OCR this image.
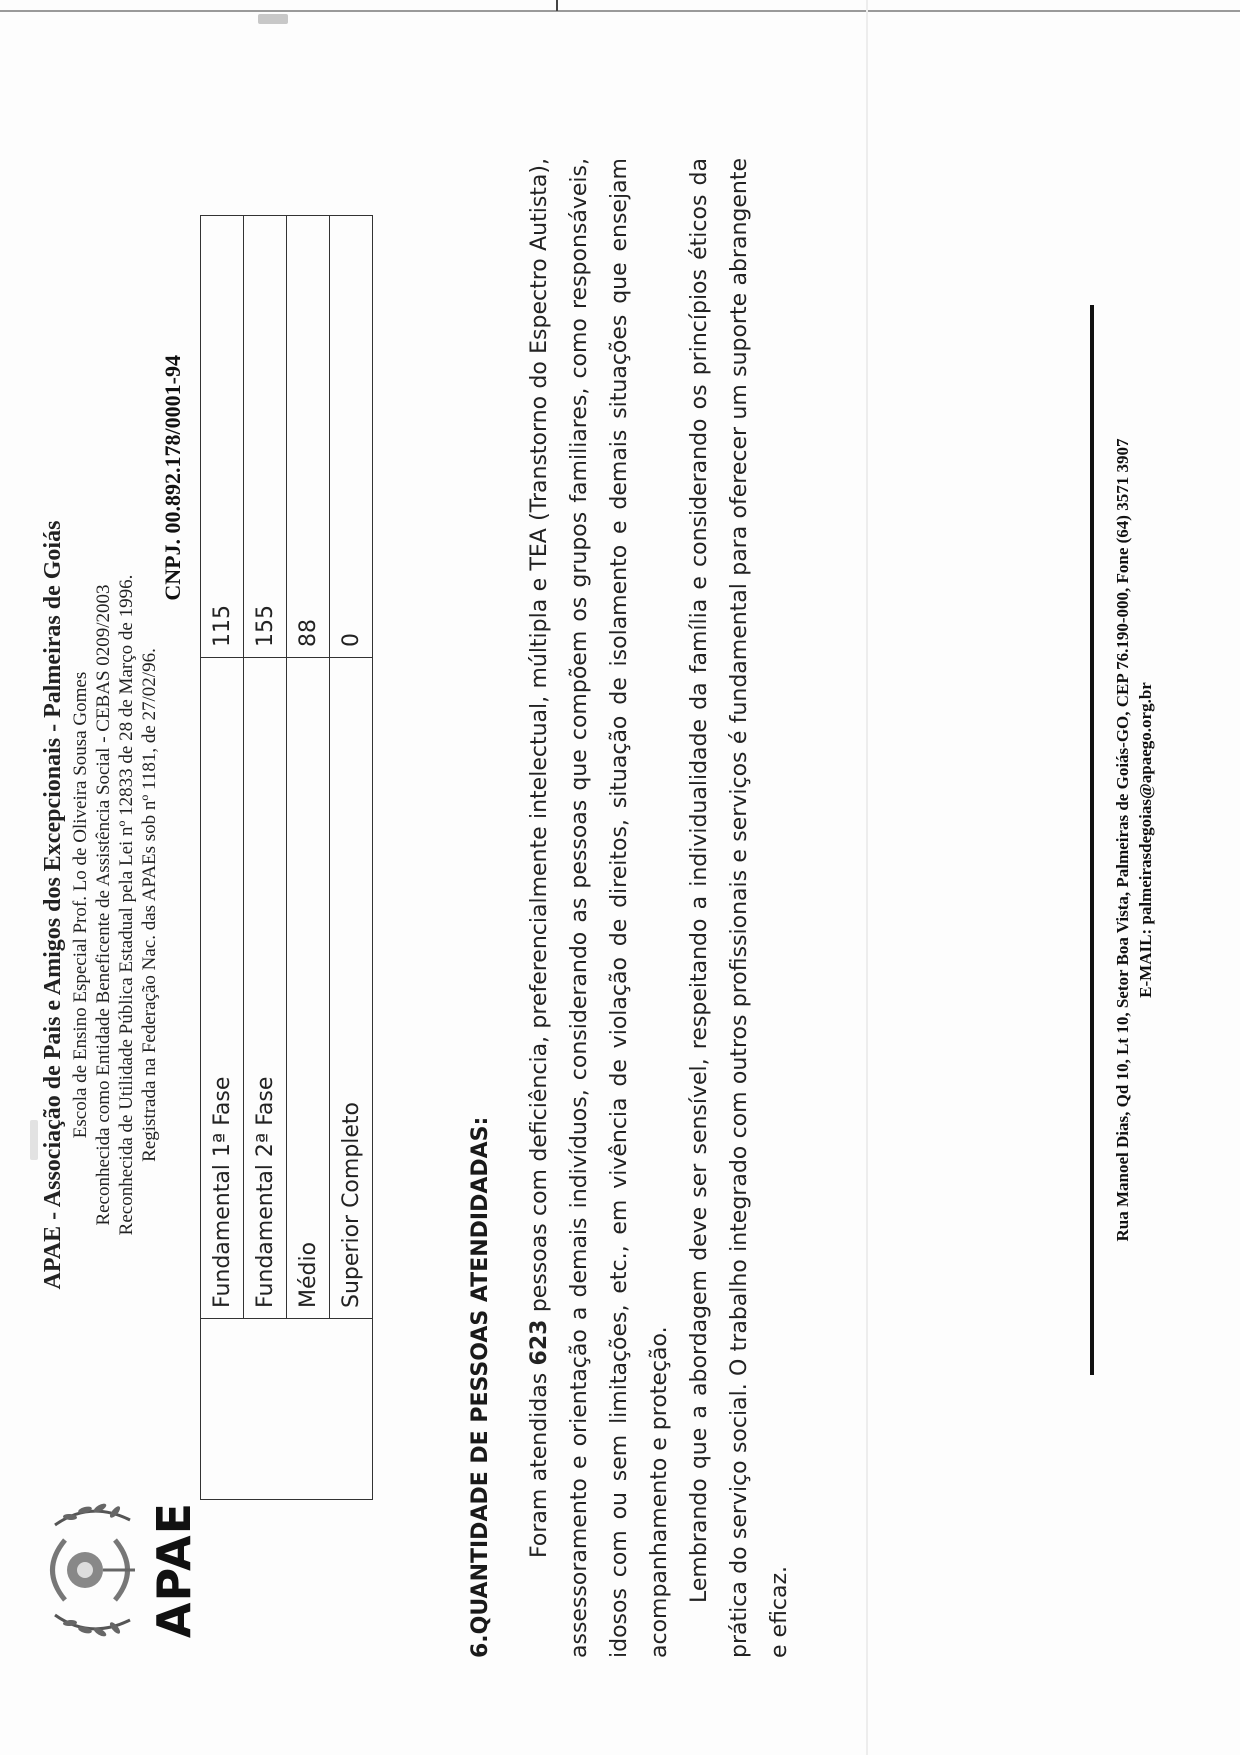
APAE
APAE - Associação de Pais e Amigos dos Excepcionais - Palmeiras de Goiás Escola de Ensino Especial Prof. Lo de Oliveira Sousa Gomes Reconhecida como Entidade Beneficente de Assistência Social - CEBAS 0209/2003 Reconhecida de Utilidade Pública Estadual pela Lei nº 12833 de 28 de Março de 1996. Registrada na Federação Nac. das APAEs sob nº 1181, de 27/02/96.
CNPJ. 00.892.178/0001-94
	Fundamental 1ª Fase	115
	Fundamental 2ª Fase	155
	Médio	88
	Superior Completo	0
6.QUANTIDADE DE PESSOAS ATENDIDADAS:	Foram atendidas 623 pessoas com deficiência, preferencialmente intelectual, múltipla e TEA (Transtorno do Espectro Autista), assessoramento e orientação a demais indivíduos, considerando as pessoas que compõem os grupos familiares, como responsáveis, idosos com ou sem limitações, etc., em vivência de violação de direitos, situação de isolamento e demais situações que ensejam acompanhamento e proteção. Lembrando que a abordagem deve ser sensível, respeitando a individualidade da família e considerando os princípios éticos da prática do serviço social. O trabalho integrado com outros profissionais e serviços é fundamental para oferecer um suporte abrangente e eficaz.

Rua Manoel Dias, Qd 10, Lt 10, Setor Boa Vista, Palmeiras de Goiás-GO, CEP 76.190-000, Fone (64) 3571 3907 E-MAIL: palmeirasdegoias@apaego.org.br
